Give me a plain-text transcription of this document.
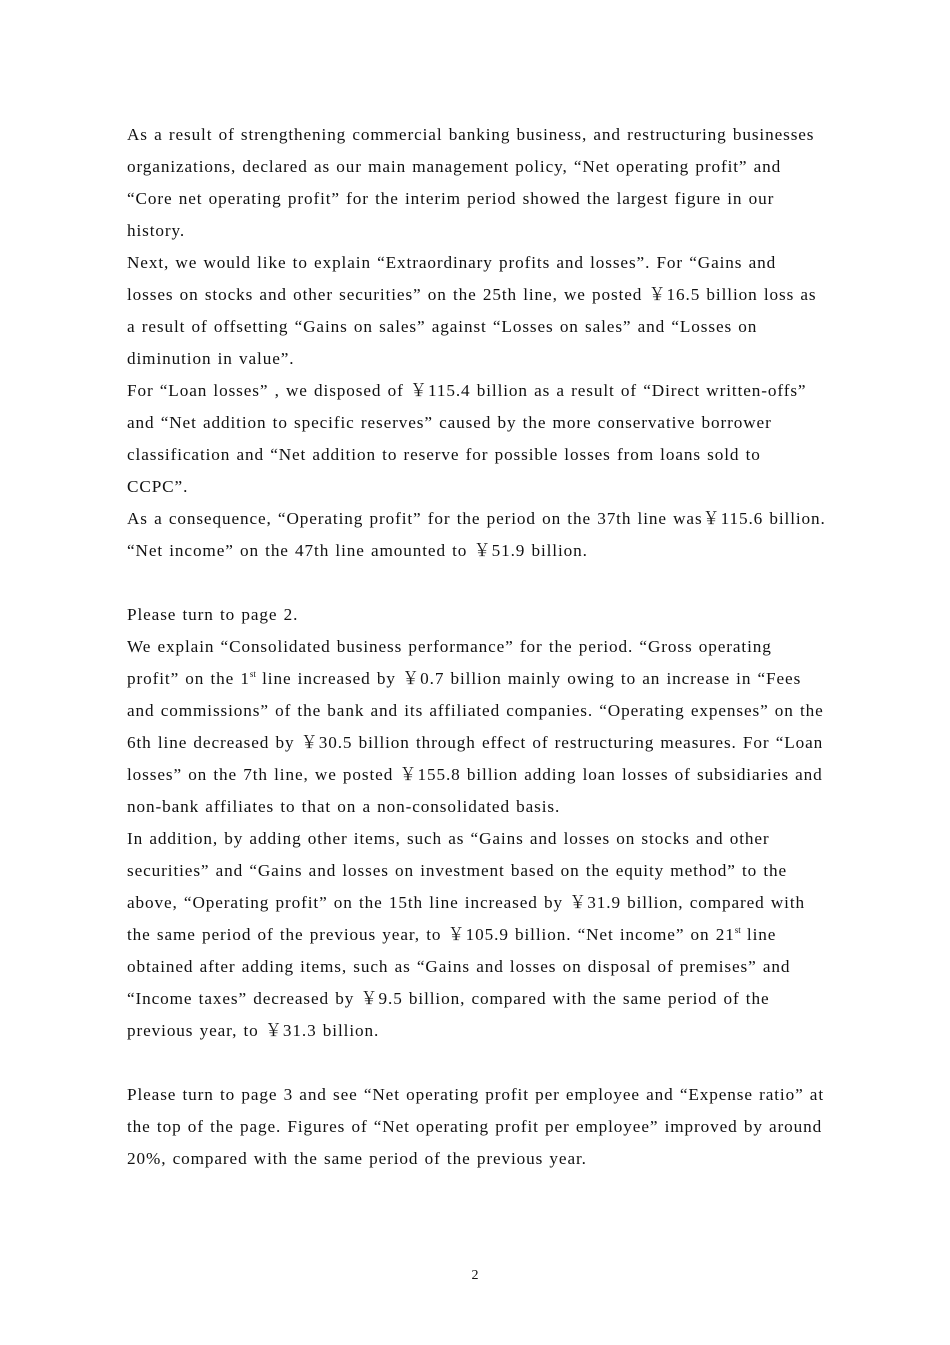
As a result of strengthening commercial banking business, and restructuring businesses organizations, declared as our main management policy, “Net operating profit” and “Core net operating profit” for the interim period showed the largest figure in our history.

Next, we would like to explain “Extraordinary profits and losses”. For “Gains and losses on stocks and other securities” on the 25th line, we posted ￥16.5 billion loss as a result of offsetting “Gains on sales” against “Losses on sales” and “Losses on diminution in value”.

For “Loan losses” , we disposed of ￥115.4 billion as a result of “Direct written-offs” and “Net addition to specific reserves” caused by the more conservative borrower classification and “Net addition to reserve for possible losses from loans sold to CCPC”.

As a consequence, “Operating profit” for the period on the 37th line was￥115.6 billion. “Net income” on the 47th line amounted to ￥51.9 billion.

Please turn to page 2.

We explain “Consolidated business performance” for the period. “Gross operating profit” on the 1st line increased by ￥0.7 billion mainly owing to an increase in “Fees and commissions” of the bank and its affiliated companies. “Operating expenses” on the 6th line decreased by ￥30.5 billion through effect of restructuring measures. For “Loan losses” on the 7th line, we posted ￥155.8 billion adding loan losses of subsidiaries and non-bank affiliates to that on a non-consolidated basis.

In addition, by adding other items, such as “Gains and losses on stocks and other securities” and “Gains and losses on investment based on the equity method” to the above, “Operating profit” on the 15th line increased by ￥31.9 billion, compared with the same period of the previous year, to ￥105.9 billion. “Net income” on 21st line obtained after adding items, such as “Gains and losses on disposal of premises” and “Income taxes” decreased by ￥9.5 billion, compared with the same period of the previous year, to ￥31.3 billion.

Please turn to page 3 and see “Net operating profit per employee and “Expense ratio” at the top of the page. Figures of “Net operating profit per employee” improved by around 20%, compared with the same period of the previous year.

2
